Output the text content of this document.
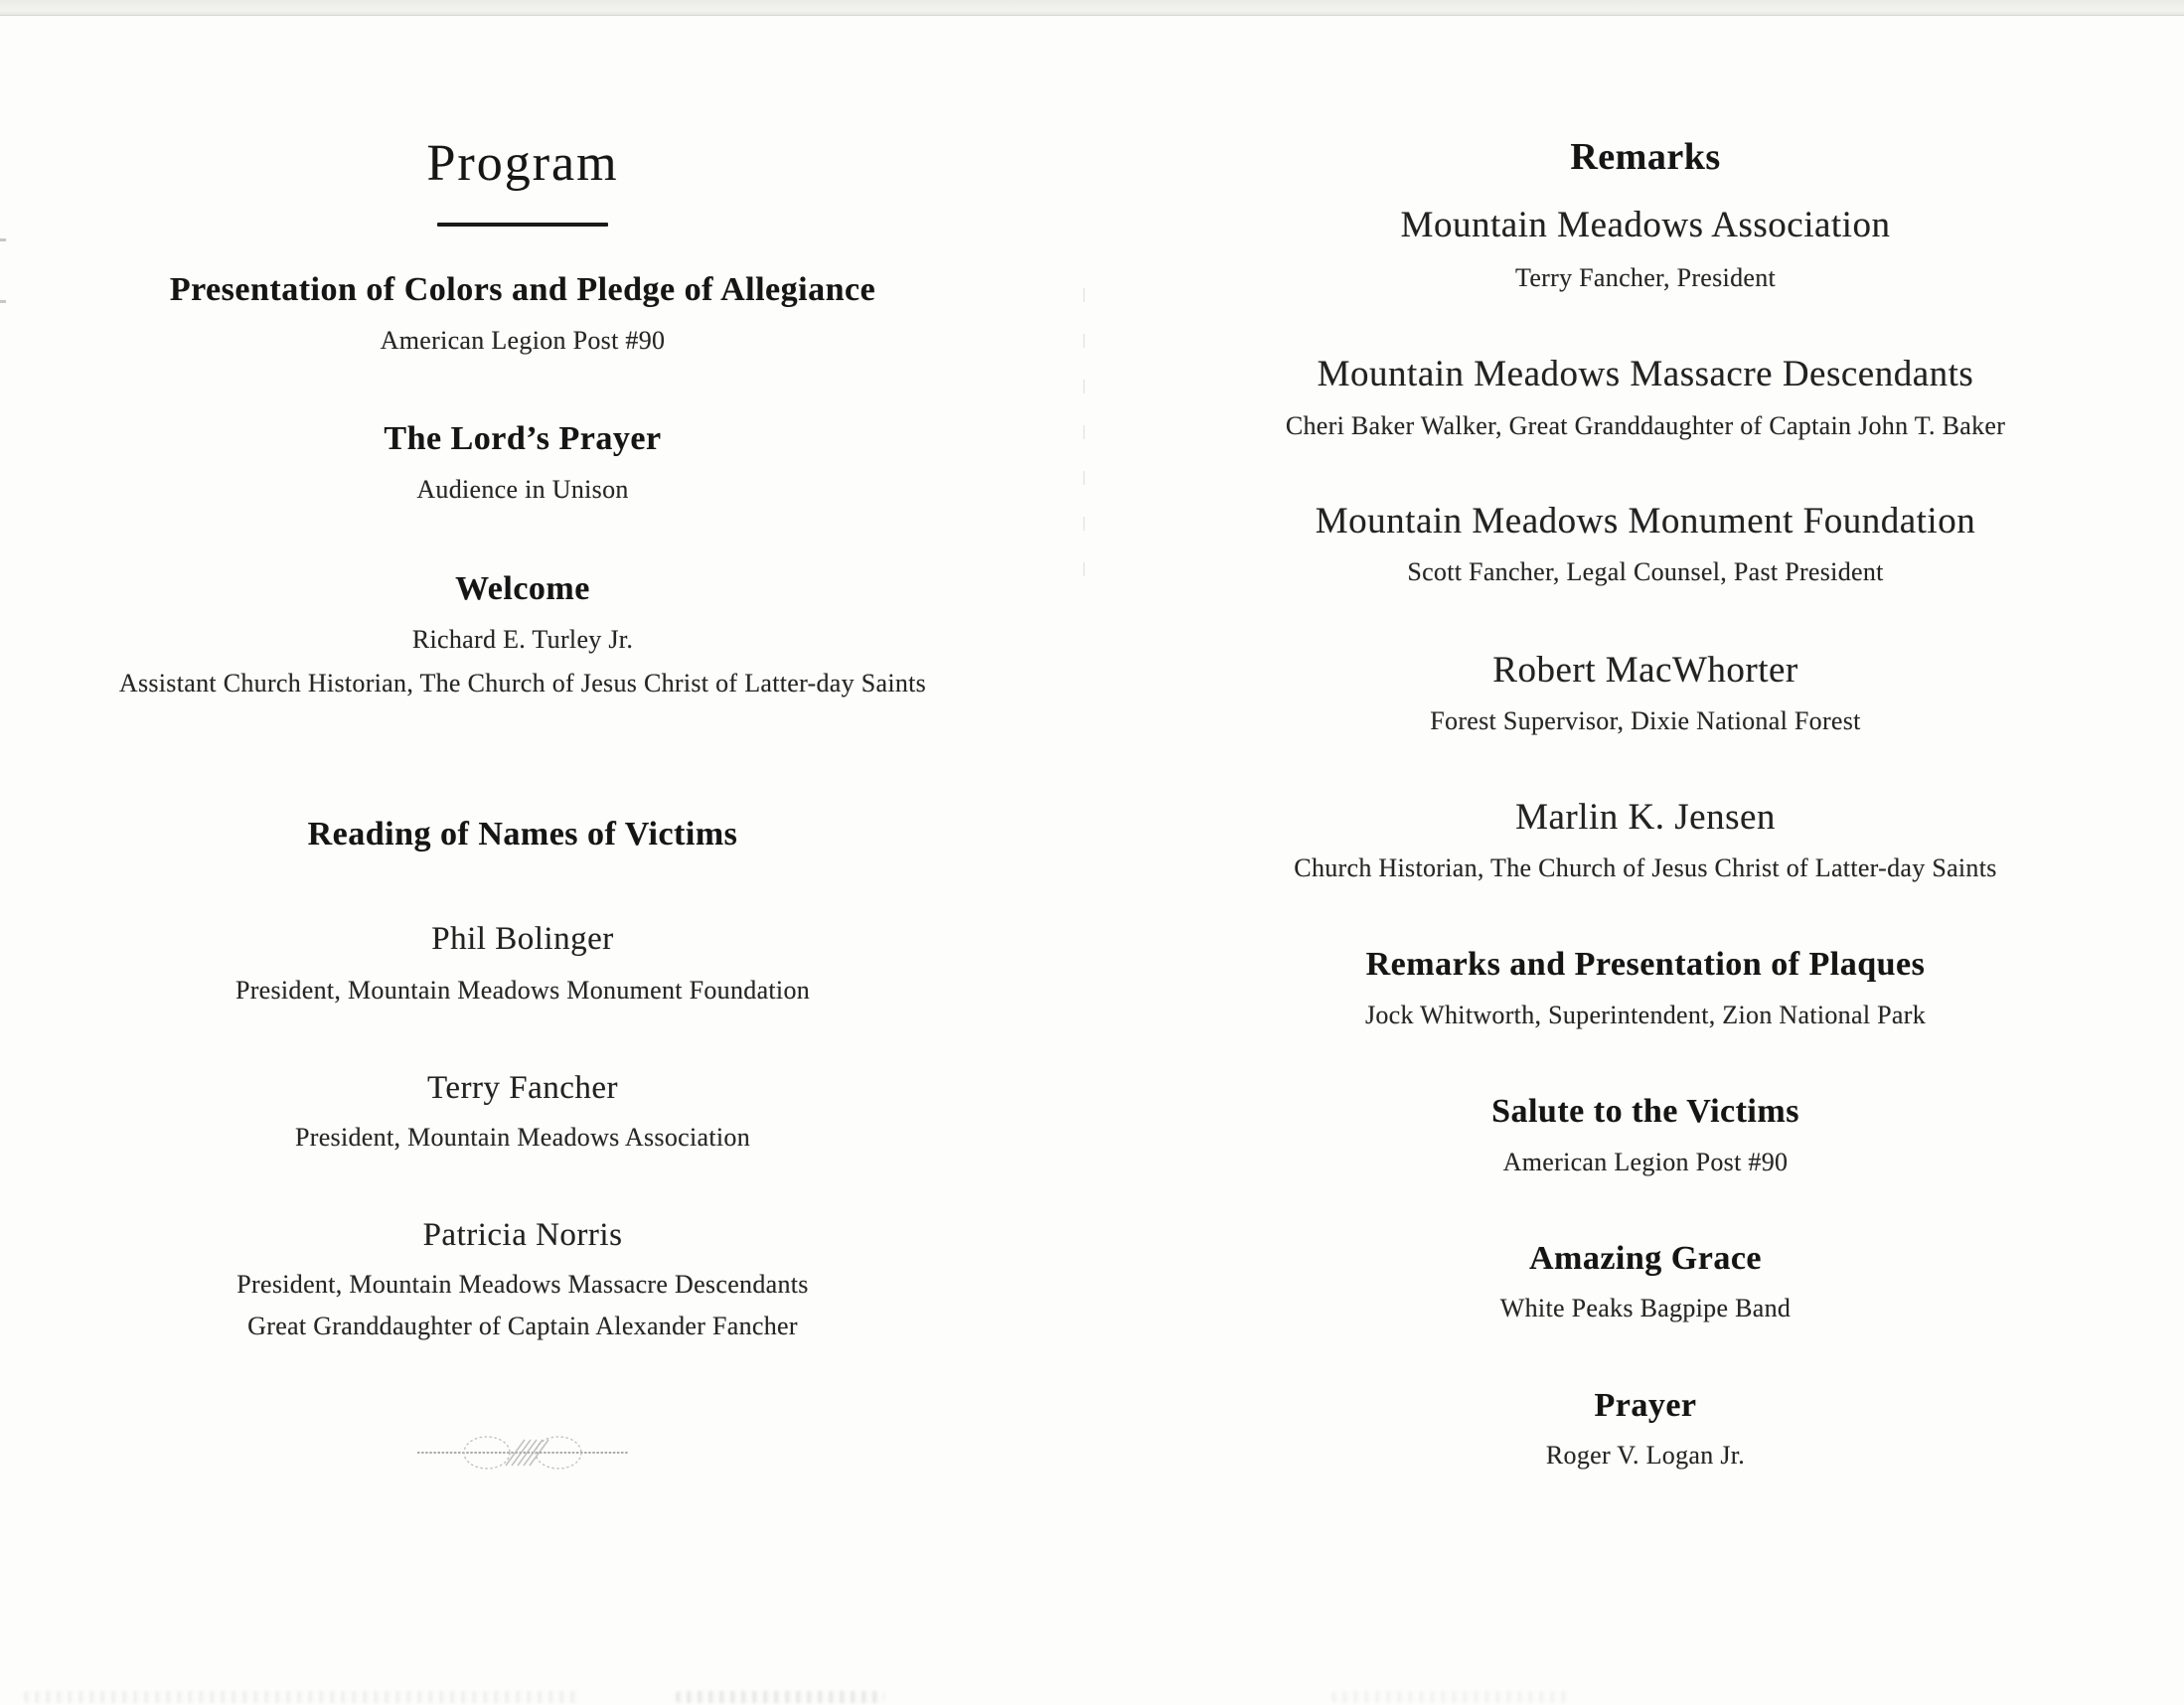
Program
Presentation of Colors and Pledge of Allegiance
American Legion Post #90
The Lord’s Prayer
Audience in Unison
Welcome
Richard E. Turley Jr.
Assistant Church Historian, The Church of Jesus Christ of Latter-day Saints
Reading of Names of Victims
Phil Bolinger
President, Mountain Meadows Monument Foundation
Terry Fancher
President, Mountain Meadows Association
Patricia Norris
President, Mountain Meadows Massacre Descendants
Great Granddaughter of Captain Alexander Fancher
Remarks
Mountain Meadows Association
Terry Fancher, President
Mountain Meadows Massacre Descendants
Cheri Baker Walker, Great Granddaughter of Captain John T. Baker
Mountain Meadows Monument Foundation
Scott Fancher, Legal Counsel, Past President
Robert MacWhorter
Forest Supervisor, Dixie National Forest
Marlin K. Jensen
Church Historian, The Church of Jesus Christ of Latter-day Saints
Remarks and Presentation of Plaques
Jock Whitworth, Superintendent, Zion National Park
Salute to the Victims
American Legion Post #90
Amazing Grace
White Peaks Bagpipe Band
Prayer
Roger V. Logan Jr.
